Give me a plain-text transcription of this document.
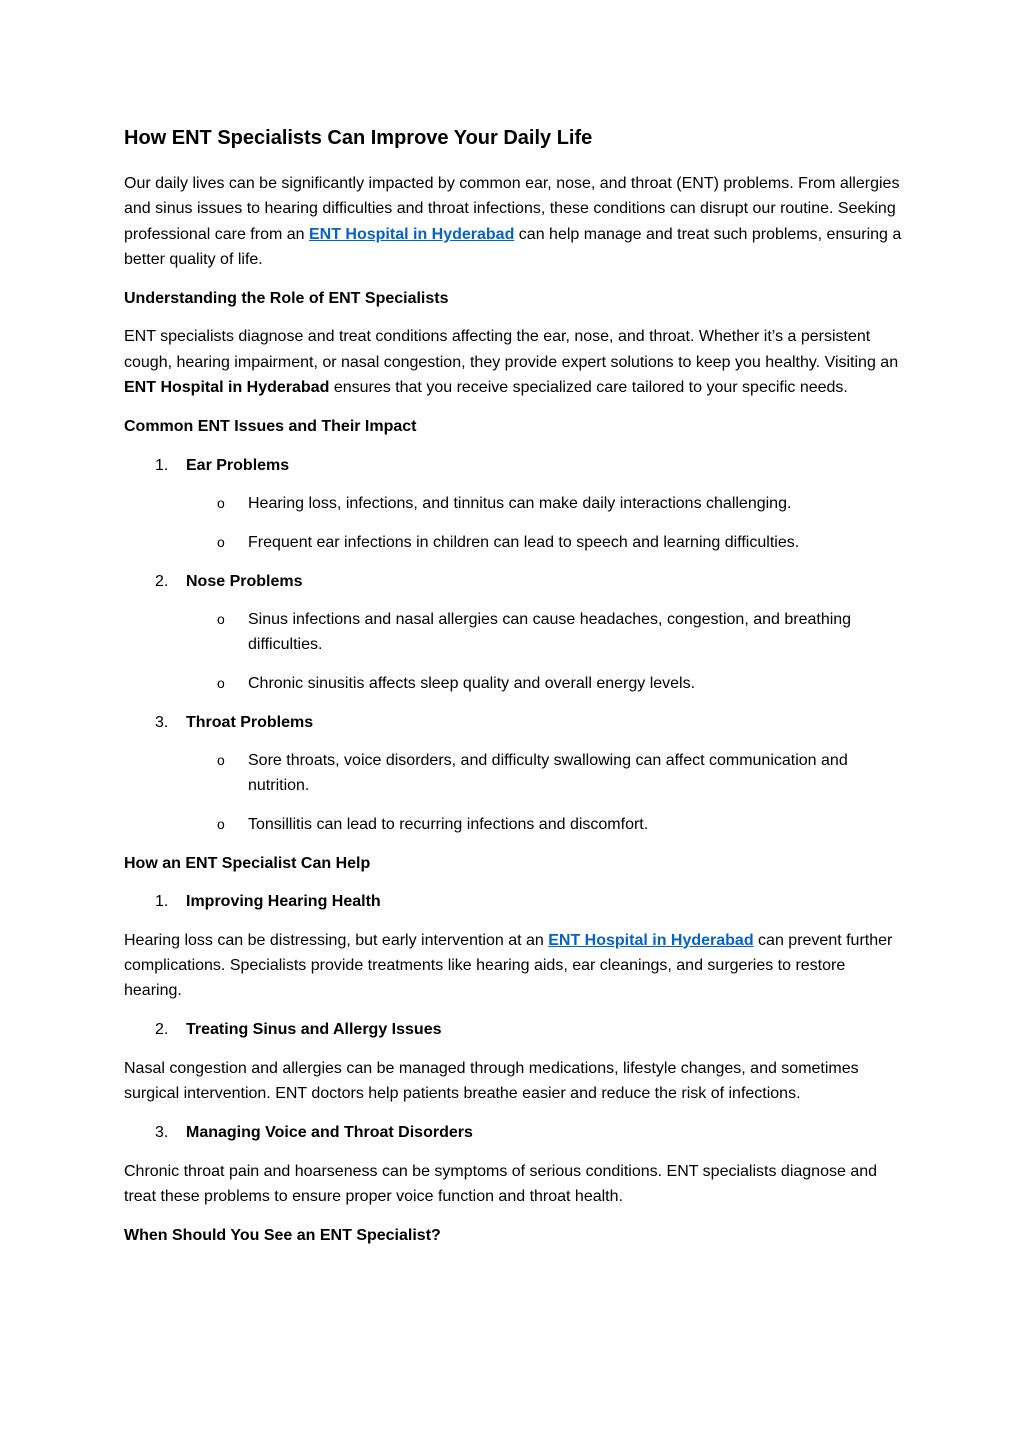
How ENT Specialists Can Improve Your Daily Life

Our daily lives can be significantly impacted by common ear, nose, and throat (ENT) problems. From allergies and sinus issues to hearing difficulties and throat infections, these conditions can disrupt our routine. Seeking professional care from an ENT Hospital in Hyderabad can help manage and treat such problems, ensuring a better quality of life.

Understanding the Role of ENT Specialists

ENT specialists diagnose and treat conditions affecting the ear, nose, and throat. Whether it’s a persistent cough, hearing impairment, or nasal congestion, they provide expert solutions to keep you healthy. Visiting an ENT Hospital in Hyderabad ensures that you receive specialized care tailored to your specific needs.

Common ENT Issues and Their Impact

1. Ear Problems
o Hearing loss, infections, and tinnitus can make daily interactions challenging.
o Frequent ear infections in children can lead to speech and learning difficulties.
2. Nose Problems
o Sinus infections and nasal allergies can cause headaches, congestion, and breathing difficulties.
o Chronic sinusitis affects sleep quality and overall energy levels.
3. Throat Problems
o Sore throats, voice disorders, and difficulty swallowing can affect communication and nutrition.
o Tonsillitis can lead to recurring infections and discomfort.

How an ENT Specialist Can Help

1. Improving Hearing Health

Hearing loss can be distressing, but early intervention at an ENT Hospital in Hyderabad can prevent further complications. Specialists provide treatments like hearing aids, ear cleanings, and surgeries to restore hearing.

2. Treating Sinus and Allergy Issues

Nasal congestion and allergies can be managed through medications, lifestyle changes, and sometimes surgical intervention. ENT doctors help patients breathe easier and reduce the risk of infections.

3. Managing Voice and Throat Disorders

Chronic throat pain and hoarseness can be symptoms of serious conditions. ENT specialists diagnose and treat these problems to ensure proper voice function and throat health.

When Should You See an ENT Specialist?
